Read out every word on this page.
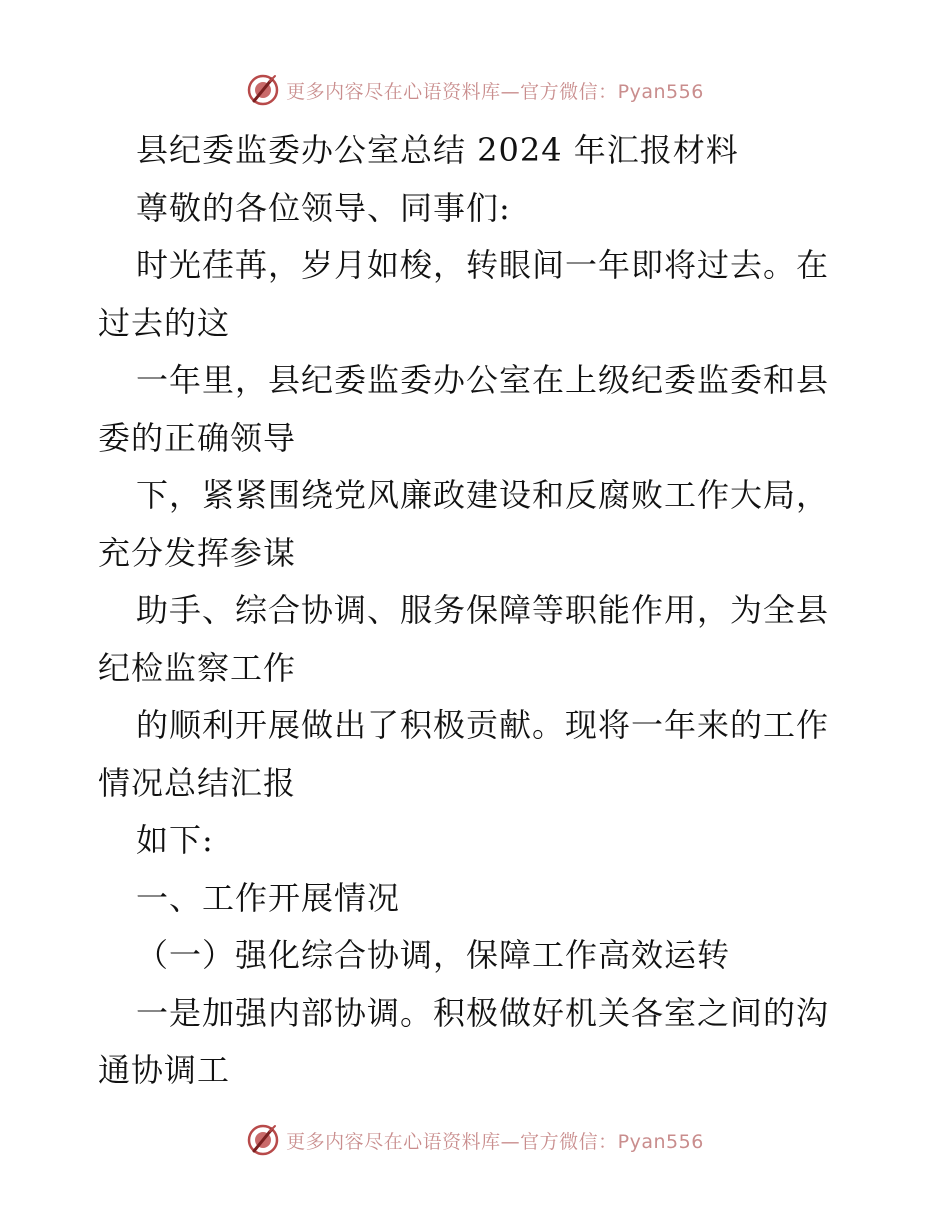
更多内容尽在心语资料库—官方微信：Pyan556
县纪委监委办公室总结 2024 年汇报材料
尊敬的各位领导、同事们:
时光荏苒，岁月如梭，转眼间一年即将过去。在
过去的这
一年里，县纪委监委办公室在上级纪委监委和县
委的正确领导
下，紧紧围绕党风廉政建设和反腐败工作大局，
充分发挥参谋
助手、综合协调、服务保障等职能作用，为全县
纪检监察工作
的顺利开展做出了积极贡献。现将一年来的工作
情况总结汇报
如下:
一、工作开展情况
（一）强化综合协调，保障工作高效运转
一是加强内部协调。积极做好机关各室之间的沟
通协调工
更多内容尽在心语资料库—官方微信：Pyan556
